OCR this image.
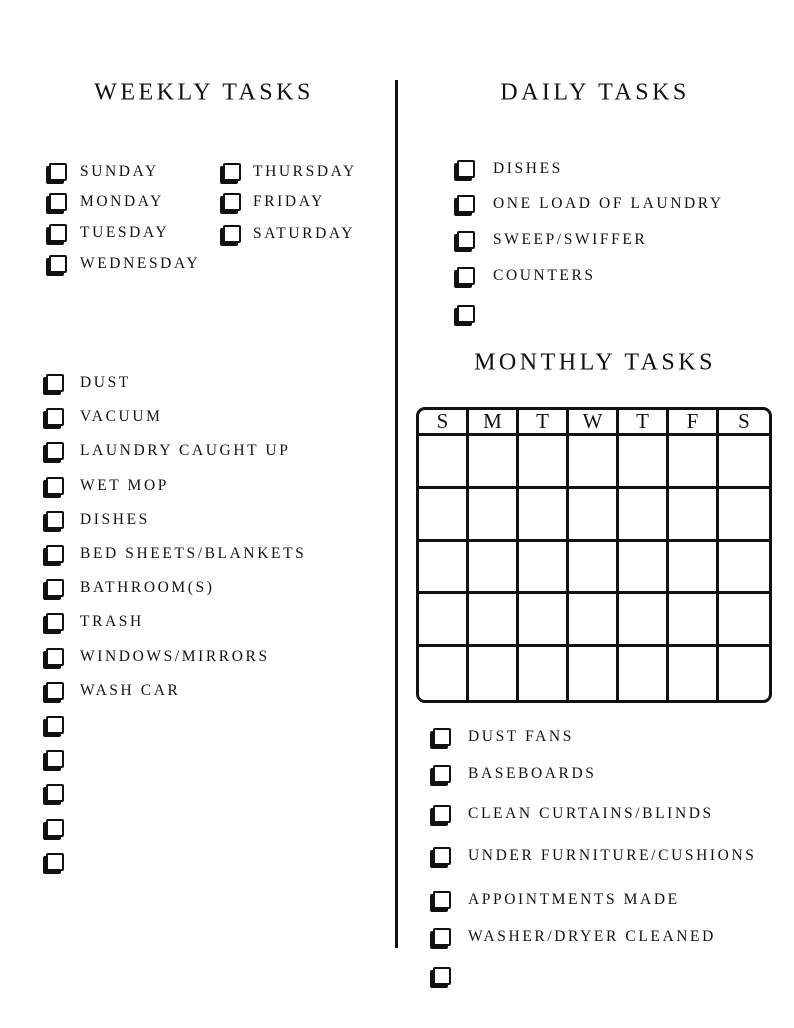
WEEKLY TASKS	DAILY TASKS
MONTHLY TASKS
SUNDAY
MONDAY
TUESDAY
WEDNESDAY
THURSDAY
FRIDAY
SATURDAY
DUST
VACUUM
LAUNDRY CAUGHT UP
WET MOP
DISHES
BED SHEETS/BLANKETS
BATHROOM(S)
TRASH
WINDOWS/MIRRORS
WASH CAR
DISHES
ONE LOAD OF LAUNDRY
SWEEP/SWIFFER
COUNTERS
DUST FANS
BASEBOARDS
CLEAN CURTAINS/BLINDS
UNDER FURNITURE/CUSHIONS
APPOINTMENTS MADE
WASHER/DRYER CLEANED
S	M	T	W	T	F	S
